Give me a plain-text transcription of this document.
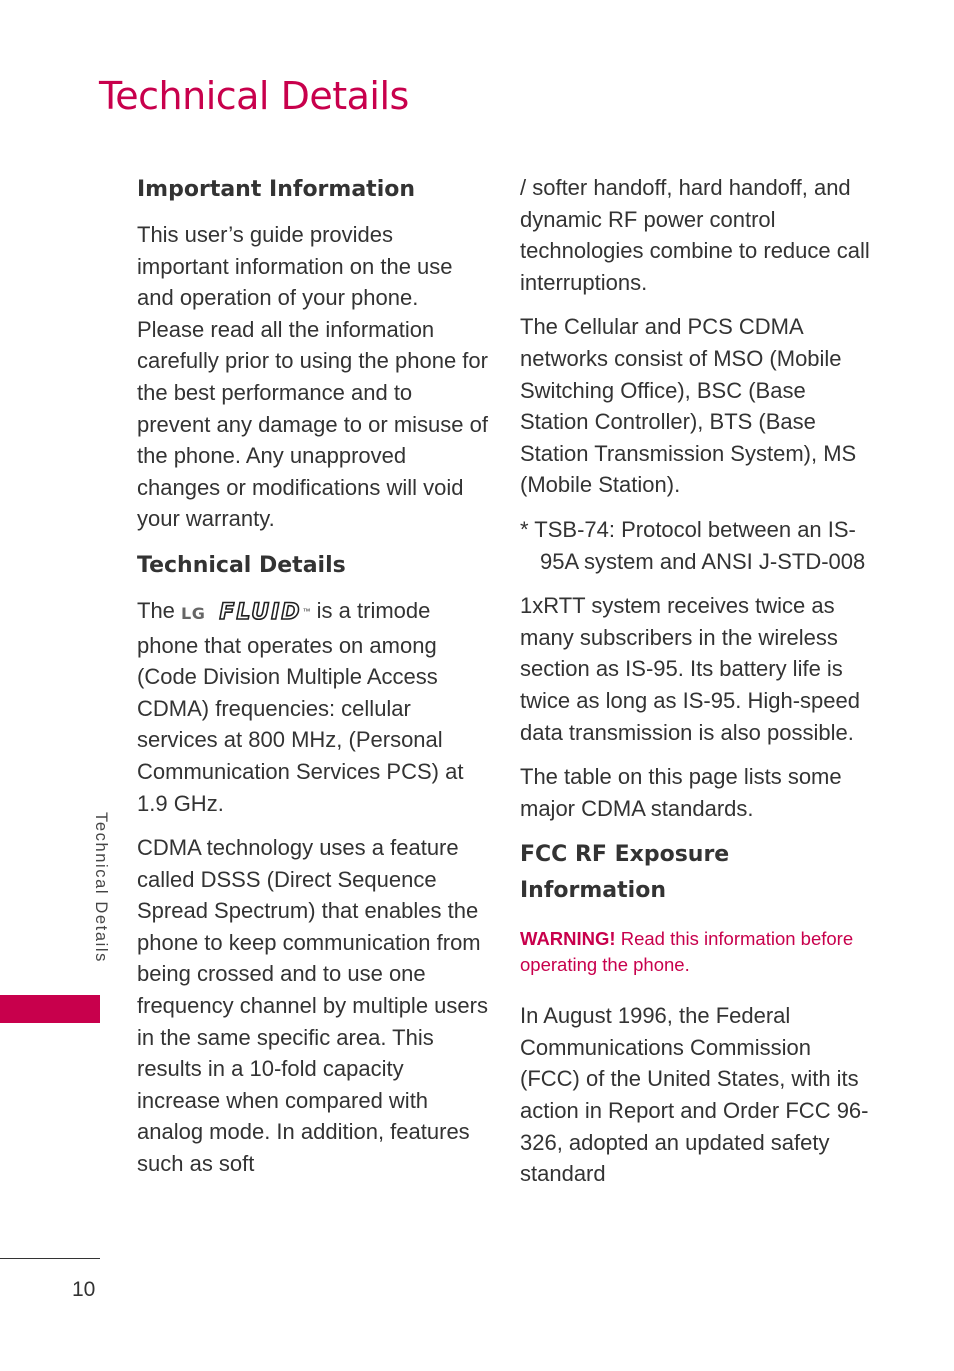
Technical Details
Important Information

This user’s guide provides important information on the use and operation of your phone. Please read all the information carefully prior to using the phone for the best performance and to prevent any damage to or misuse of the phone. Any unapproved changes or modifications will void your warranty.

Technical Details

The LG FLUID™ is a trimode phone that operates on among (Code Division Multiple Access CDMA) frequencies: cellular services at 800 MHz, (Personal Communication Services PCS) at 1.9 GHz.

CDMA technology uses a feature called DSSS (Direct Sequence Spread Spectrum) that enables the phone to keep communication from being crossed and to use one frequency channel by multiple users in the same specific area. This results in a 10-fold capacity increase when compared with analog mode. In addition, features such as soft

/ softer handoff, hard handoff, and dynamic RF power control technologies combine to reduce call interruptions.

The Cellular and PCS CDMA networks consist of MSO (Mobile Switching Office), BSC (Base Station Controller), BTS (Base Station Transmission System), MS (Mobile Station).

* TSB-74: Protocol between an IS-95A system and ANSI J-STD-008

1xRTT system receives twice as many subscribers in the wireless section as IS-95. Its battery life is twice as long as IS-95. High-speed data transmission is also possible.

The table on this page lists some major CDMA standards.

FCC RF Exposure Information
WARNING! Read this information before operating the phone.

In August 1996, the Federal Communications Commission (FCC) of the United States, with its action in Report and Order FCC 96-326, adopted an updated safety standard

Technical Details
10
